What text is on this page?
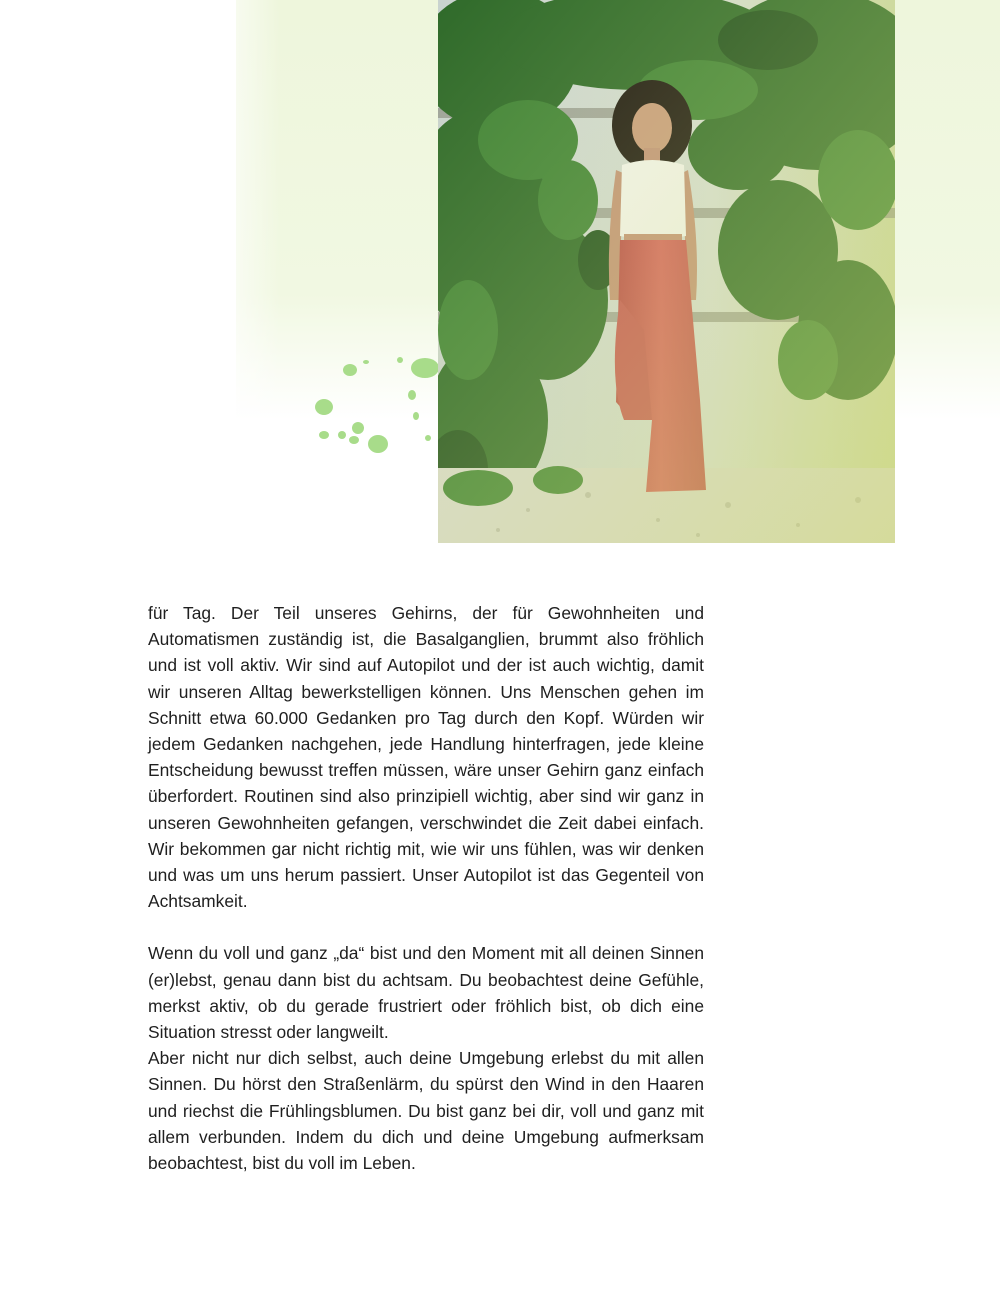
für Tag. Der Teil unseres Gehirns, der für Gewohnheiten und Automatismen zuständig ist, die Basalganglien, brummt also fröhlich und ist voll aktiv. Wir sind auf Autopilot und der ist auch wichtig, damit wir unseren Alltag bewerkstelligen können. Uns Menschen gehen im Schnitt etwa 60.000 Gedanken pro Tag durch den Kopf. Würden wir jedem Gedanken nachgehen, jede Handlung hinterfragen, jede kleine Entscheidung bewusst treffen müssen, wäre unser Gehirn ganz einfach überfordert. Routinen sind also prinzipiell wichtig, aber sind wir ganz in unseren Gewohnheiten gefangen, verschwindet die Zeit dabei einfach. Wir bekommen gar nicht richtig mit, wie wir uns fühlen, was wir denken und was um uns herum passiert. Unser Autopilot ist das Gegenteil von Achtsamkeit.

Wenn du voll und ganz „da“ bist und den Moment mit all deinen Sinnen (er)lebst, genau dann bist du achtsam. Du beobachtest deine Gefühle, merkst aktiv, ob du gerade frustriert oder fröhlich bist, ob dich eine Situation stresst oder langweilt.

Aber nicht nur dich selbst, auch deine Umgebung erlebst du mit allen Sinnen. Du hörst den Straßenlärm, du spürst den Wind in den Haaren und riechst die Frühlingsblumen. Du bist ganz bei dir, voll und ganz mit allem verbunden. Indem du dich und deine Umgebung aufmerksam beobachtest, bist du voll im Leben.
